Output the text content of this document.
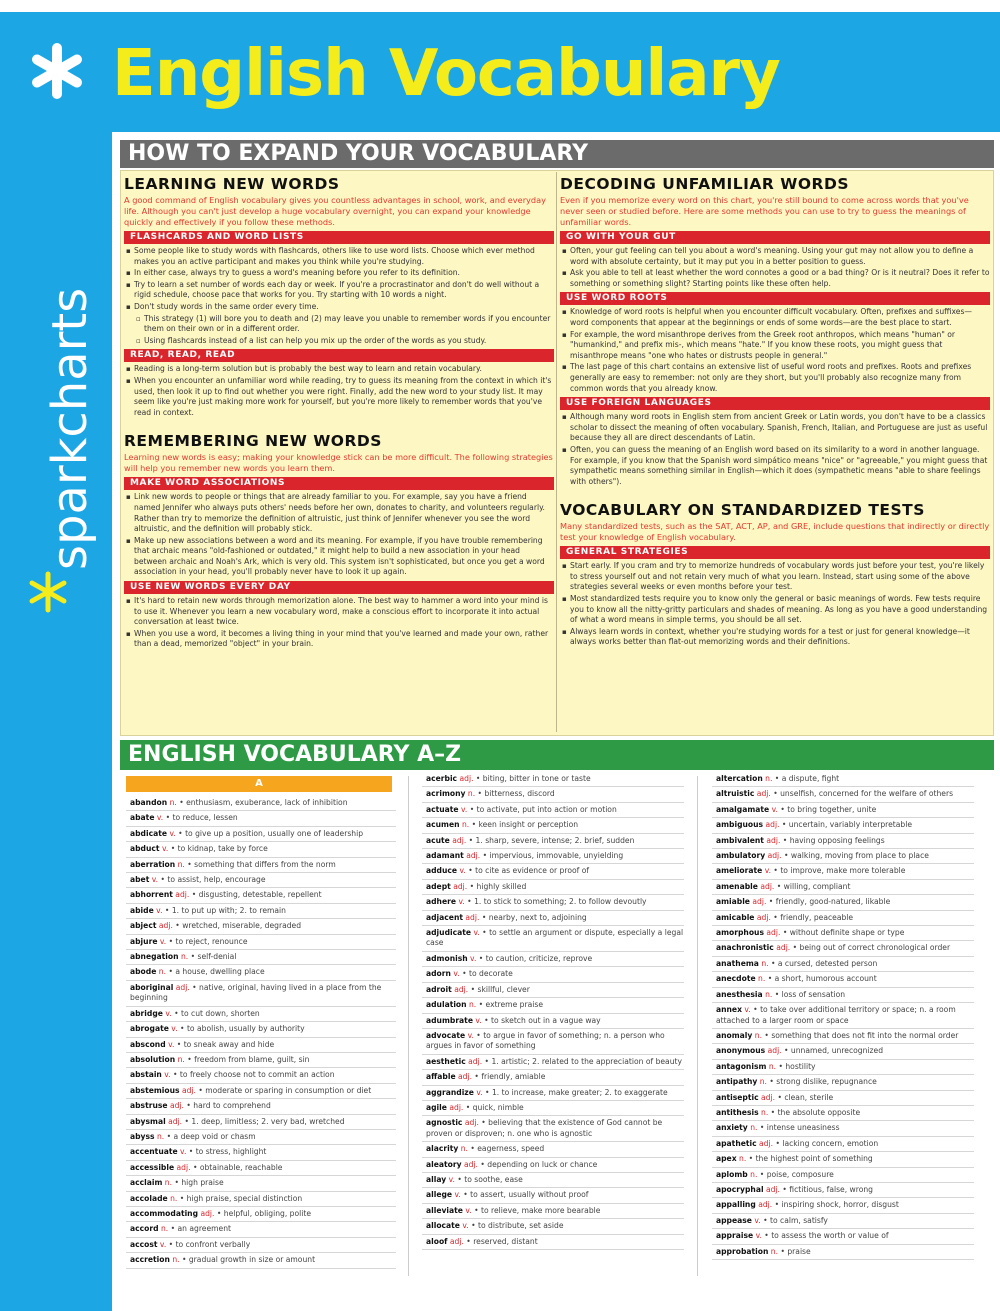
English Vocabulary
sparkcharts
HOW TO EXPAND YOUR VOCABULARY
LEARNING NEW WORDS
A good command of English vocabulary gives you countless advantages in school, work, and everyday life. Although you can't just develop a huge vocabulary overnight, you can expand your knowledge quickly and effectively if you follow these methods.
FLASHCARDS AND WORD LISTS
▪ Some people like to study words with flashcards, others like to use word lists. Choose which ever method makes you an active participant and makes you think while you're studying.
▪ In either case, always try to guess a word's meaning before you refer to its definition.
▪ Try to learn a set number of words each day or week. If you're a procrastinator and don't do well without a rigid schedule, choose pace that works for you. Try starting with 10 words a night.
▪ Don't study words in the same order every time.
▫ This strategy (1) will bore you to death and (2) may leave you unable to remember words if you encounter them on their own or in a different order.
▫ Using flashcards instead of a list can help you mix up the order of the words as you study.
READ, READ, READ
▪ Reading is a long-term solution but is probably the best way to learn and retain vocabulary.
▪ When you encounter an unfamiliar word while reading, try to guess its meaning from the context in which it's used, then look it up to find out whether you were right. Finally, add the new word to your study list. It may seem like you're just making more work for yourself, but you're more likely to remember words that you've read in context.
REMEMBERING NEW WORDS
Learning new words is easy; making your knowledge stick can be more difficult. The following strategies will help you remember new words you learn them.
MAKE WORD ASSOCIATIONS
▪ Link new words to people or things that are already familiar to you. For example, say you have a friend named Jennifer who always puts others' needs before her own, donates to charity, and volunteers regularly. Rather than try to memorize the definition of altruistic, just think of Jennifer whenever you see the word altruistic, and the definition will probably stick.
▪ Make up new associations between a word and its meaning. For example, if you have trouble remembering that archaic means "old-fashioned or outdated," it might help to build a new association in your head between archaic and Noah's Ark, which is very old. This system isn't sophisticated, but once you get a word association in your head, you'll probably never have to look it up again.
USE NEW WORDS EVERY DAY
▪ It's hard to retain new words through memorization alone. The best way to hammer a word into your mind is to use it. Whenever you learn a new vocabulary word, make a conscious effort to incorporate it into actual conversation at least twice.
▪ When you use a word, it becomes a living thing in your mind that you've learned and made your own, rather than a dead, memorized "object" in your brain.
DECODING UNFAMILIAR WORDS
Even if you memorize every word on this chart, you're still bound to come across words that you've never seen or studied before. Here are some methods you can use to try to guess the meanings of unfamiliar words.
GO WITH YOUR GUT
▪ Often, your gut feeling can tell you about a word's meaning. Using your gut may not allow you to define a word with absolute certainty, but it may put you in a better position to guess.
▪ Ask you able to tell at least whether the word connotes a good or a bad thing? Or is it neutral? Does it refer to something or something slight? Starting points like these often help.
USE WORD ROOTS
▪ Knowledge of word roots is helpful when you encounter difficult vocabulary. Often, prefixes and suffixes—word components that appear at the beginnings or ends of some words—are the best place to start.
▪ For example, the word misanthrope derives from the Greek root anthropos, which means "human" or "humankind," and prefix mis-, which means "hate." If you know these roots, you might guess that misanthrope means "one who hates or distrusts people in general."
▪ The last page of this chart contains an extensive list of useful word roots and prefixes. Roots and prefixes generally are easy to remember: not only are they short, but you'll probably also recognize many from common words that you already know.
USE FOREIGN LANGUAGES
▪ Although many word roots in English stem from ancient Greek or Latin words, you don't have to be a classics scholar to dissect the meaning of often vocabulary. Spanish, French, Italian, and Portuguese are just as useful because they all are direct descendants of Latin.
▪ Often, you can guess the meaning of an English word based on its similarity to a word in another language. For example, if you know that the Spanish word simpático means "nice" or "agreeable," you might guess that sympathetic means something similar in English—which it does (sympathetic means "able to share feelings with others").
VOCABULARY ON STANDARDIZED TESTS
Many standardized tests, such as the SAT, ACT, AP, and GRE, include questions that indirectly or directly test your knowledge of English vocabulary.
GENERAL STRATEGIES
▪ Start early. If you cram and try to memorize hundreds of vocabulary words just before your test, you're likely to stress yourself out and not retain very much of what you learn. Instead, start using some of the above strategies several weeks or even months before your test.
▪ Most standardized tests require you to know only the general or basic meanings of words. Few tests require you to know all the nitty-gritty particulars and shades of meaning. As long as you have a good understanding of what a word means in simple terms, you should be all set.
▪ Always learn words in context, whether you're studying words for a test or just for general knowledge—it always works better than flat-out memorizing words and their definitions.
ENGLISH VOCABULARY A–Z
A
abandon n. • enthusiasm, exuberance, lack of inhibition
abate v. • to reduce, lessen
abdicate v. • to give up a position, usually one of leadership
abduct v. • to kidnap, take by force
aberration n. • something that differs from the norm
abet v. • to assist, help, encourage
abhorrent adj. • disgusting, detestable, repellent
abide v. • 1. to put up with; 2. to remain
abject adj. • wretched, miserable, degraded
abjure v. • to reject, renounce
abnegation n. • self-denial
abode n. • a house, dwelling place
aboriginal adj. • native, original, having lived in a place from the beginning
abridge v. • to cut down, shorten
abrogate v. • to abolish, usually by authority
abscond v. • to sneak away and hide
absolution n. • freedom from blame, guilt, sin
abstain v. • to freely choose not to commit an action
abstemious adj. • moderate or sparing in consumption or diet
abstruse adj. • hard to comprehend
abysmal adj. • 1. deep, limitless; 2. very bad, wretched
abyss n. • a deep void or chasm
accentuate v. • to stress, highlight
accessible adj. • obtainable, reachable
acclaim n. • high praise
accolade n. • high praise, special distinction
accommodating adj. • helpful, obliging, polite
accord n. • an agreement
accost v. • to confront verbally
accretion n. • gradual growth in size or amount
acerbic adj. • biting, bitter in tone or taste
acrimony n. • bitterness, discord
actuate v. • to activate, put into action or motion
acumen n. • keen insight or perception
acute adj. • 1. sharp, severe, intense; 2. brief, sudden
adamant adj. • impervious, immovable, unyielding
adduce v. • to cite as evidence or proof of
adept adj. • highly skilled
adhere v. • 1. to stick to something; 2. to follow devoutly
adjacent adj. • nearby, next to, adjoining
adjudicate v. • to settle an argument or dispute, especially a legal case
admonish v. • to caution, criticize, reprove
adorn v. • to decorate
adroit adj. • skillful, clever
adulation n. • extreme praise
adumbrate v. • to sketch out in a vague way
advocate v. • to argue in favor of something; n. a person who argues in favor of something
aesthetic adj. • 1. artistic; 2. related to the appreciation of beauty
affable adj. • friendly, amiable
aggrandize v. • 1. to increase, make greater; 2. to exaggerate
agile adj. • quick, nimble
agnostic adj. • believing that the existence of God cannot be proven or disproven; n. one who is agnostic
alacrity n. • eagerness, speed
aleatory adj. • depending on luck or chance
allay v. • to soothe, ease
allege v. • to assert, usually without proof
alleviate v. • to relieve, make more bearable
allocate v. • to distribute, set aside
aloof adj. • reserved, distant
altercation n. • a dispute, fight
altruistic adj. • unselfish, concerned for the welfare of others
amalgamate v. • to bring together, unite
ambiguous adj. • uncertain, variably interpretable
ambivalent adj. • having opposing feelings
ambulatory adj. • walking, moving from place to place
ameliorate v. • to improve, make more tolerable
amenable adj. • willing, compliant
amiable adj. • friendly, good-natured, likable
amicable adj. • friendly, peaceable
amorphous adj. • without definite shape or type
anachronistic adj. • being out of correct chronological order
anathema n. • a cursed, detested person
anecdote n. • a short, humorous account
anesthesia n. • loss of sensation
annex v. • to take over additional territory or space; n. a room attached to a larger room or space
anomaly n. • something that does not fit into the normal order
anonymous adj. • unnamed, unrecognized
antagonism n. • hostility
antipathy n. • strong dislike, repugnance
antiseptic adj. • clean, sterile
antithesis n. • the absolute opposite
anxiety n. • intense uneasiness
apathetic adj. • lacking concern, emotion
apex n. • the highest point of something
aplomb n. • poise, composure
apocryphal adj. • fictitious, false, wrong
appalling adj. • inspiring shock, horror, disgust
appease v. • to calm, satisfy
appraise v. • to assess the worth or value of
approbation n. • praise
